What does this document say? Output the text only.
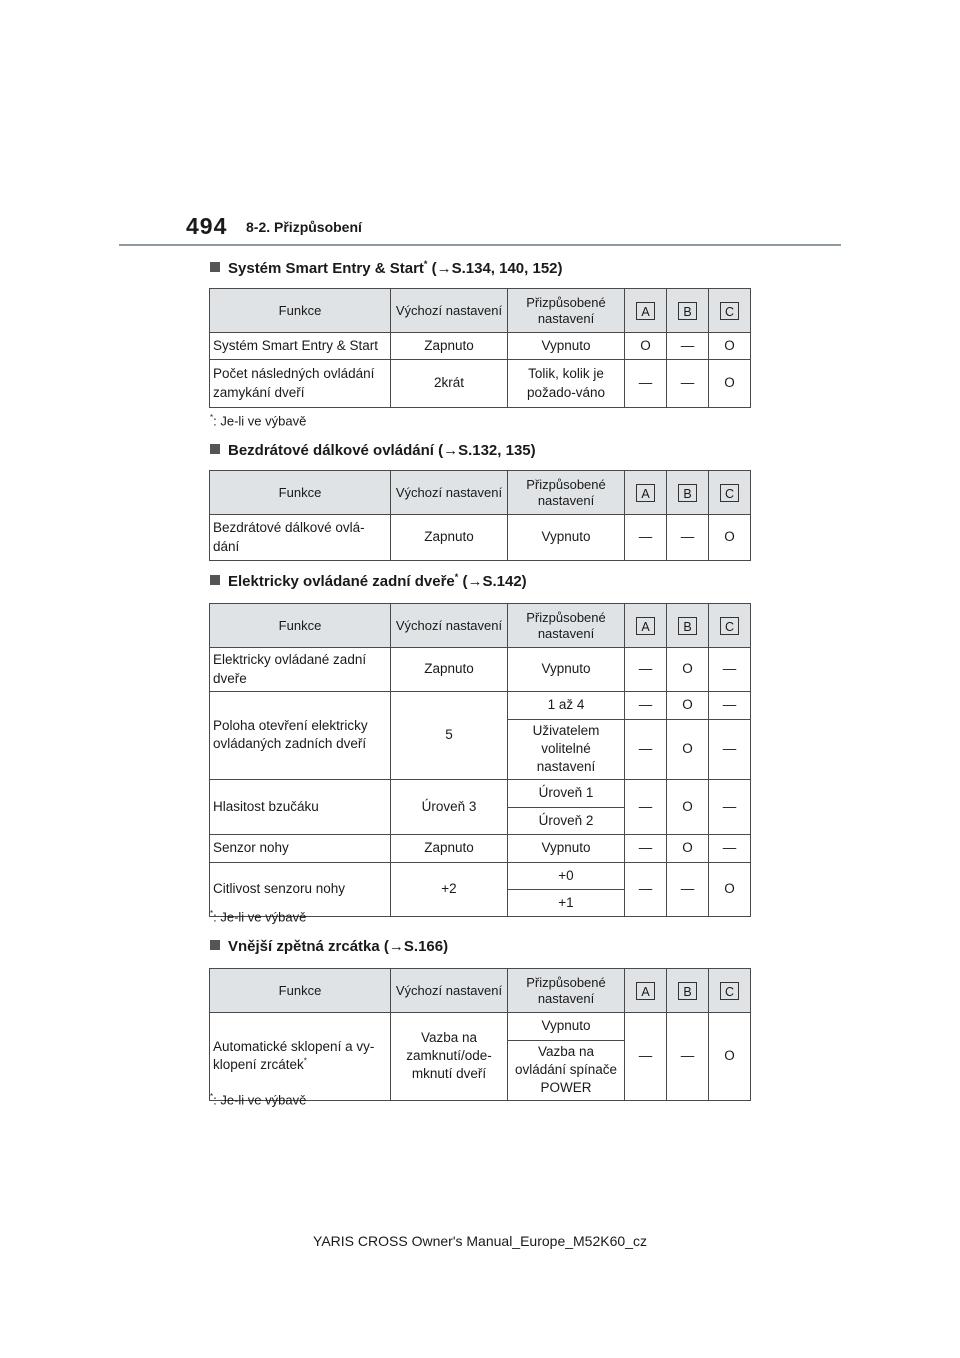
494 8-2. Přizpůsobení
Systém Smart Entry & Start* (→S.134, 140, 152)
Funkce	Výchozí nastavení	Přizpůsobené nastavení	A	B	C
Systém Smart Entry & Start	Zapnuto	Vypnuto	O	—	O
Počet následných ovládání zamykání dveří	2krát	Tolik, kolik je požado-váno	—	—	O
*: Je-li ve výbavě
Bezdrátové dálkové ovládání (→S.132, 135)
Funkce	Výchozí nastavení	Přizpůsobené nastavení	A	B	C
Bezdrátové dálkové ovlá-dání	Zapnuto	Vypnuto	—	—	O
Elektricky ovládané zadní dveře* (→S.142)
Funkce	Výchozí nastavení	Přizpůsobené nastavení	A	B	C
Elektricky ovládané zadní dveře	Zapnuto	Vypnuto	—	O	—
Poloha otevření elektricky ovládaných zadních dveří	5	1 až 4	—	O	—
		Uživatelem volitelné nastavení	—	O	—
Hlasitost bzučáku	Úroveň 3	Úroveň 1	—	O	—
		Úroveň 2			
Senzor nohy	Zapnuto	Vypnuto	—	O	—
Citlivost senzoru nohy	+2	+0	—	—	O
		+1			
*: Je-li ve výbavě
Vnější zpětná zrcátka (→S.166)
Funkce	Výchozí nastavení	Přizpůsobené nastavení	A	B	C
Automatické sklopení a vy-klopení zrcátek*	Vazba na zamknutí/ode-mknutí dveří	Vypnuto	—	—	O
		Vazba na ovládání spínače POWER			
*: Je-li ve výbavě
YARIS CROSS Owner's Manual_Europe_M52K60_cz
